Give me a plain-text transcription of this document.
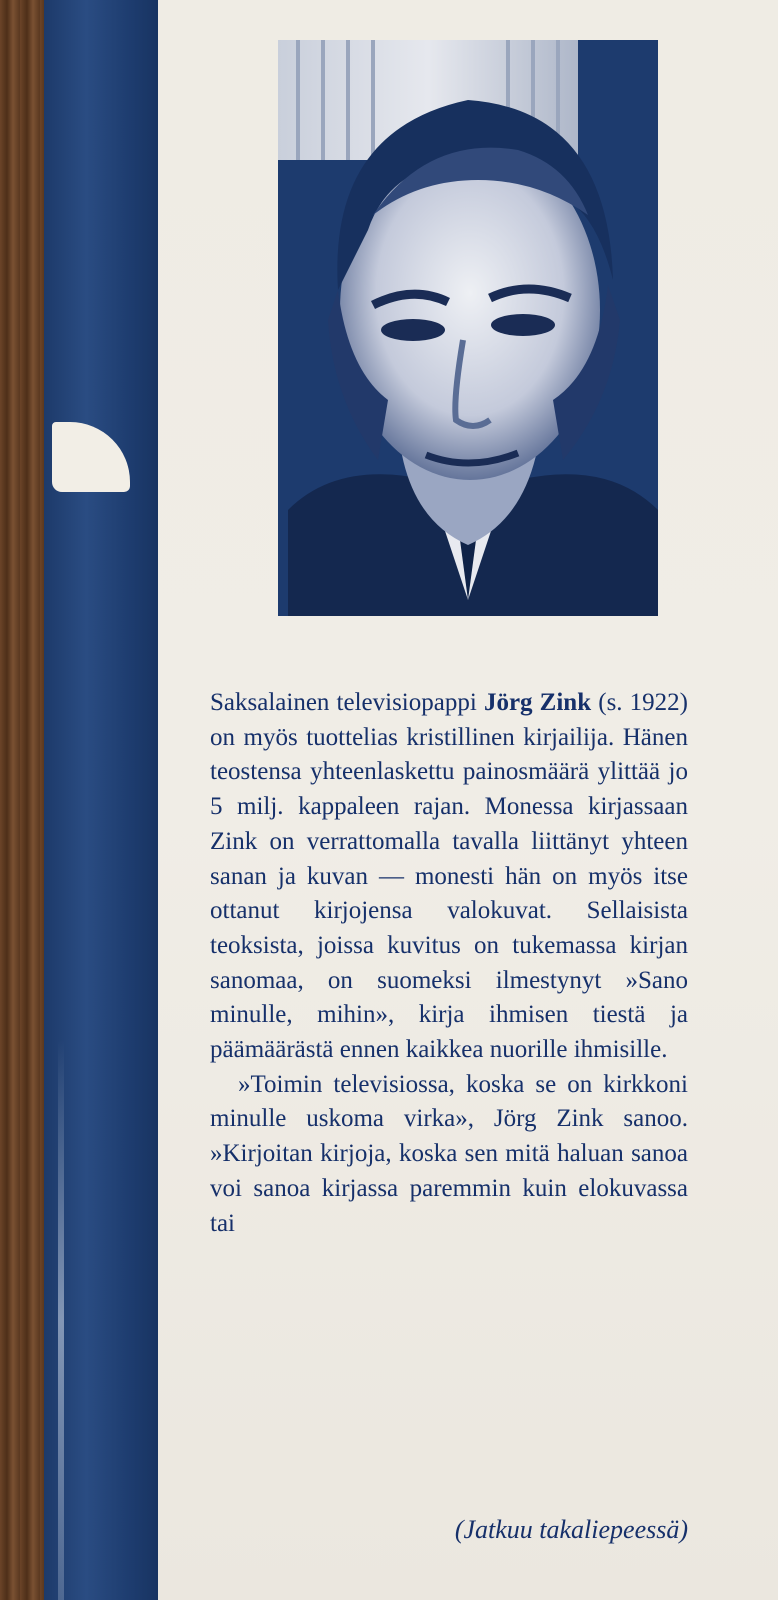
Saksalainen televisiopappi Jörg Zink (s. 1922) on myös tuottelias kristillinen kirjailija. Hänen teostensa yhteenlaskettu painosmäärä ylittää jo 5 milj. kappaleen rajan. Monessa kirjassaan Zink on verrattomalla tavalla liittänyt yhteen sanan ja kuvan — monesti hän on myös itse ottanut kirjojensa valokuvat. Sellaisista teoksista, joissa kuvitus on tukemassa kirjan sanomaa, on suomeksi ilmestynyt »Sano minulle, mihin», kirja ihmisen tiestä ja päämäärästä ennen kaikkea nuorille ihmisille.

»Toimin televisiossa, koska se on kirkkoni minulle uskoma virka», Jörg Zink sanoo. »Kirjoitan kirjoja, koska sen mitä haluan sanoa voi sanoa kirjassa paremmin kuin elokuvassa tai

(Jatkuu takaliepeessä)
